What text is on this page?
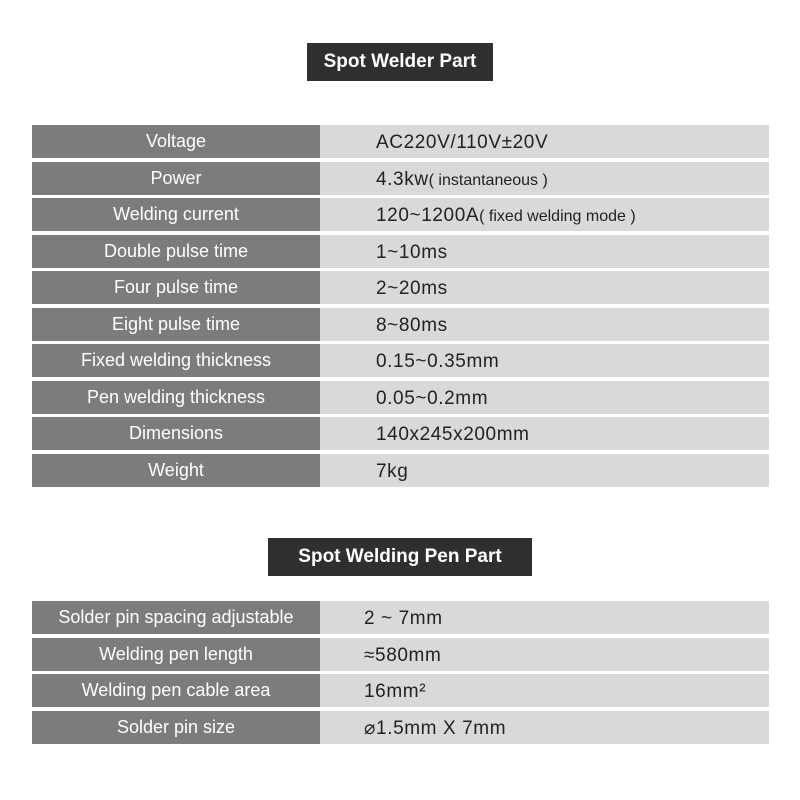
Spot Welder Part
Voltage	AC220V/110V±20V
Power	4.3kw( instantaneous )
Welding current	120~1200A( fixed welding mode )
Double pulse time	1~10ms
Four pulse time	2~20ms
Eight pulse time	8~80ms
Fixed welding thickness	0.15~0.35mm
Pen welding thickness	0.05~0.2mm
Dimensions	140x245x200mm
Weight	7kg
Spot Welding Pen Part
Solder pin spacing adjustable	2 ~ 7mm
Welding pen length	≈580mm
Welding pen cable area	16mm²
Solder pin size	⌀1.5mm X 7mm
